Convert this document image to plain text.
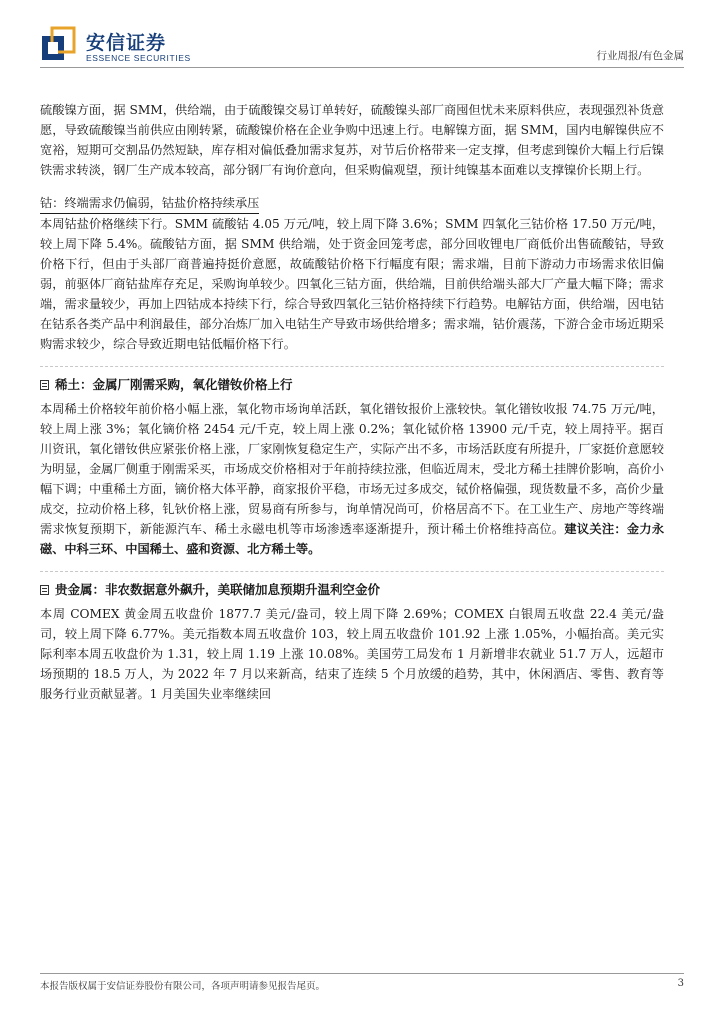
安信证券
ESSENCE SECURITIES	行业周报/有色金属

硫酸镍方面，据 SMM，供给端，由于硫酸镍交易订单转好，硫酸镍头部厂商囤但忧未来原料供应，表现强烈补货意愿，导致硫酸镍当前供应由刚转紧，硫酸镍价格在企业争购中迅速上行。电解镍方面，据 SMM，国内电解镍供应不宽裕，短期可交割品仍然短缺，库存相对偏低叠加需求复苏，对节后价格带来一定支撑，但考虑到镍价大幅上行后镍铁需求转淡，钢厂生产成本较高，部分钢厂有询价意向，但采购偏观望，预计纯镍基本面难以支撑镍价长期上行。

钴：终端需求仍偏弱，钴盐价格持续承压

本周钴盐价格继续下行。SMM 硫酸钴 4.05 万元/吨，较上周下降 3.6%；SMM 四氧化三钴价格 17.50 万元/吨，较上周下降 5.4%。硫酸钴方面，据 SMM 供给端，处于资金回笼考虑，部分回收锂电厂商低价出售硫酸钴，导致价格下行，但由于头部厂商普遍持挺价意愿，故硫酸钴价格下行幅度有限；需求端，目前下游动力市场需求依旧偏弱，前驱体厂商钴盐库存充足，采购询单较少。四氧化三钴方面，供给端，目前供给端头部大厂产量大幅下降；需求端，需求量较少，再加上四钴成本持续下行，综合导致四氧化三钴价格持续下行趋势。电解钴方面，供给端，因电钴在钴系各类产品中利润最佳，部分冶炼厂加入电钴生产导致市场供给增多；需求端，钴价震荡，下游合金市场近期采购需求较少，综合导致近期电钴低幅价格下行。

稀土：金属厂刚需采购，氧化镨钕价格上行

本周稀土价格较年前价格小幅上涨，氧化物市场询单活跃，氧化镨钕报价上涨较快。氧化镨钕收报 74.75 万元/吨，较上周上涨 3%；氧化镝价格 2454 元/千克，较上周上涨 0.2%；氧化铽价格 13900 元/千克，较上周持平。据百川资讯，氧化镨钕供应紧张价格上涨，厂家刚恢复稳定生产，实际产出不多，市场活跃度有所提升，厂家挺价意愿较为明显，金属厂侧重于刚需采买，市场成交价格相对于年前持续拉涨，但临近周末，受北方稀土挂牌价影响，高价小幅下调；中重稀土方面，镝价格大体平静，商家报价平稳，市场无过多成交，铽价格偏强，现货数量不多，高价少量成交，拉动价格上移，钆钬价格上涨，贸易商有所参与，询单情况尚可，价格居高不下。在工业生产、房地产等终端需求恢复预期下，新能源汽车、稀土永磁电机等市场渗透率逐渐提升，预计稀土价格维持高位。建议关注：金力永磁、中科三环、中国稀土、盛和资源、北方稀土等。

贵金属：非农数据意外飙升，美联储加息预期升温利空金价

本周 COMEX 黄金周五收盘价 1877.7 美元/盎司，较上周下降 2.69%；COMEX 白银周五收盘 22.4 美元/盎司，较上周下降 6.77%。美元指数本周五收盘价 103，较上周五收盘价 101.92 上涨 1.05%，小幅抬高。美元实际利率本周五收盘价为 1.31，较上周 1.19 上涨 10.08%。美国劳工局发布 1 月新增非农就业 51.7 万人，远超市场预期的 18.5 万人，为 2022 年 7 月以来新高，结束了连续 5 个月放缓的趋势，其中，休闲酒店、零售、教育等服务行业贡献显著。1 月美国失业率继续回

本报告版权属于安信证券股份有限公司，各项声明请参见报告尾页。	3
